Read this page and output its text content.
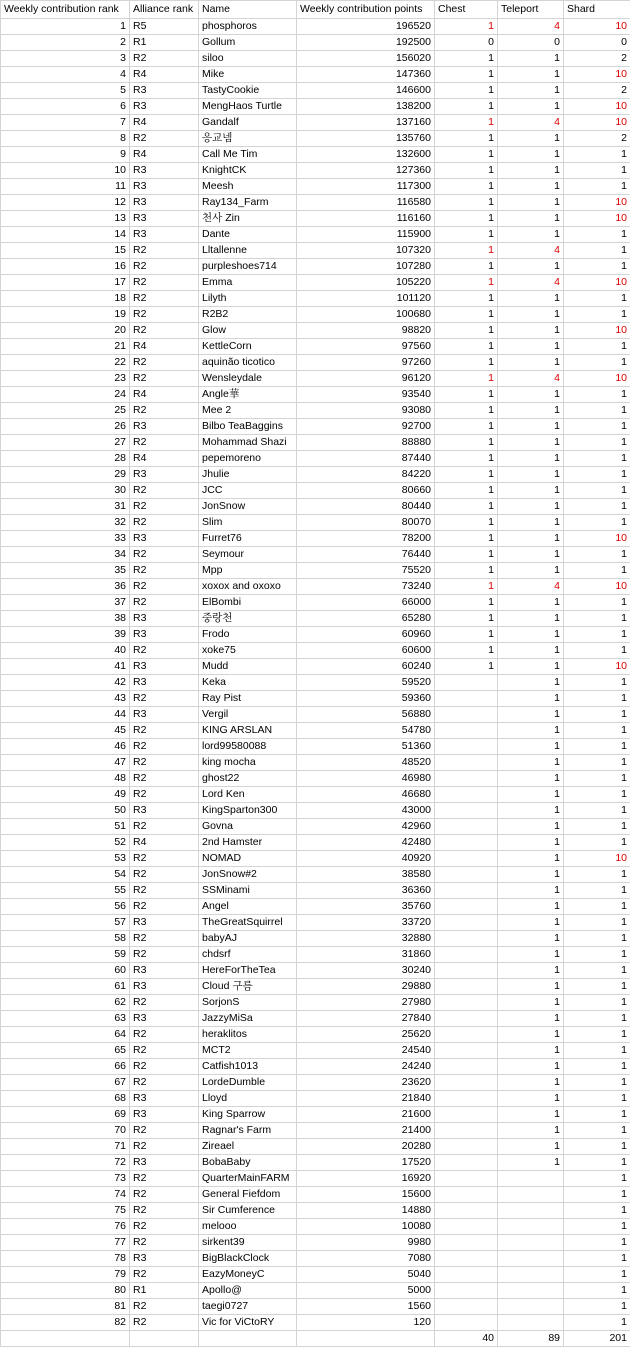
Weekly contribution rank	Alliance rank	Name	Weekly contribution points	Chest	Teleport	Shard
1	R5	phosphoros	196520	1	4	10
2	R1	Gollum	192500	0	0	0
3	R2	siloo	156020	1	1	2
4	R4	Mike	147360	1	1	10
5	R3	TastyCookie	146600	1	1	2
6	R3	MengHaos Turtle	138200	1	1	10
7	R4	Gandalf	137160	1	4	10
8	R2	응교넴	135760	1	1	2
9	R4	Call Me Tim	132600	1	1	1
10	R3	KnightCK	127360	1	1	1
11	R3	Meesh	117300	1	1	1
12	R3	Ray134_Farm	116580	1	1	10
13	R3	천사 Zin	116160	1	1	10
14	R3	Dante	115900	1	1	1
15	R2	Lltallenne	107320	1	4	1
16	R2	purpleshoes714	107280	1	1	1
17	R2	Emma	105220	1	4	10
18	R2	Lilyth	101120	1	1	1
19	R2	R2B2	100680	1	1	1
20	R2	Glow	98820	1	1	10
21	R4	KettleCorn	97560	1	1	1
22	R2	aquinão ticotico	97260	1	1	1
23	R2	Wensleydale	96120	1	4	10
24	R4	Angle華	93540	1	1	1
25	R2	Mee 2	93080	1	1	1
26	R3	Bilbo TeaBaggins	92700	1	1	1
27	R2	Mohammad Shazi	88880	1	1	1
28	R4	pepemoreno	87440	1	1	1
29	R3	Jhulie	84220	1	1	1
30	R2	JCC	80660	1	1	1
31	R2	JonSnow	80440	1	1	1
32	R2	Slim	80070	1	1	1
33	R3	Furret76	78200	1	1	10
34	R2	Seymour	76440	1	1	1
35	R2	Mpp	75520	1	1	1
36	R2	xoxox and oxoxo	73240	1	4	10
37	R2	ElBombi	66000	1	1	1
38	R3	중랑천	65280	1	1	1
39	R3	Frodo	60960	1	1	1
40	R2	xoke75	60600	1	1	1
41	R3	Mudd	60240	1	1	10
42	R3	Keka	59520		1	1
43	R2	Ray Pist	59360		1	1
44	R3	Vergil	56880		1	1
45	R2	KING ARSLAN	54780		1	1
46	R2	lord99580088	51360		1	1
47	R2	king mocha	48520		1	1
48	R2	ghost22	46980		1	1
49	R2	Lord Ken	46680		1	1
50	R3	KingSparton300	43000		1	1
51	R2	Govna	42960		1	1
52	R4	2nd Hamster	42480		1	1
53	R2	NOMAD	40920		1	10
54	R2	JonSnow#2	38580		1	1
55	R2	SSMinami	36360		1	1
56	R2	Angel	35760		1	1
57	R3	TheGreatSquirrel	33720		1	1
58	R2	babyAJ	32880		1	1
59	R2	chdsrf	31860		1	1
60	R3	HereForTheTea	30240		1	1
61	R3	Cloud 구름	29880		1	1
62	R2	SorjonS	27980		1	1
63	R3	JazzyMiSa	27840		1	1
64	R2	heraklitos	25620		1	1
65	R2	MCT2	24540		1	1
66	R2	Catfish1013	24240		1	1
67	R2	LordeDumble	23620		1	1
68	R3	Lloyd	21840		1	1
69	R3	King Sparrow	21600		1	1
70	R2	Ragnar's Farm	21400		1	1
71	R2	Zireael	20280		1	1
72	R3	BobaBaby	17520		1	1
73	R2	QuarterMainFARM	16920			1
74	R2	General Fiefdom	15600			1
75	R2	Sir Cumference	14880			1
76	R2	melooo	10080			1
77	R2	sirkent39	9980			1
78	R3	BigBlackClock	7080			1
79	R2	EazyMoneyC	5040			1
80	R1	Apollo@	5000			1
81	R2	taegi0727	1560			1
82	R2	Vic for ViCtoRY	120			1
				40	89	201
